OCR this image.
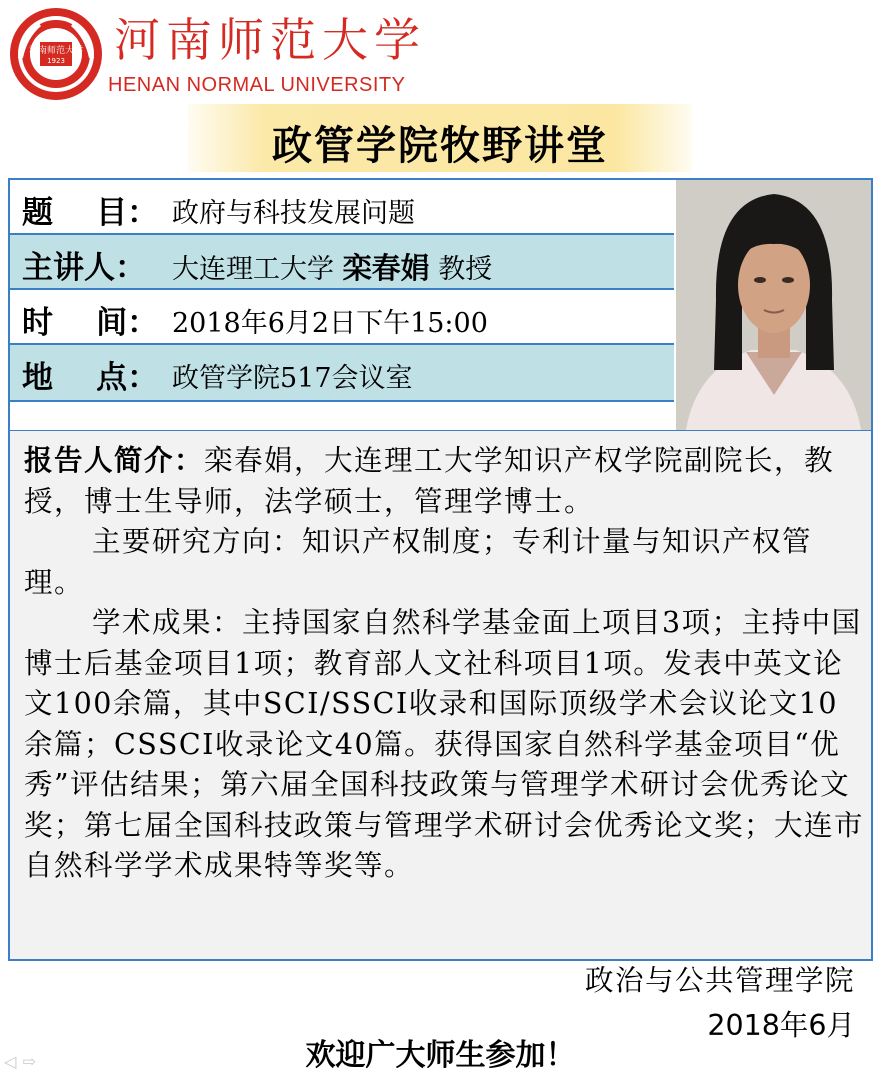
河南师范大学
1923 河南师范大学
HENAN NORMAL UNIVERSITY
政管学院牧野讲堂
题    目： 政府与科技发展问题
主讲人： 大连理工大学 栾春娟 教授
时    间： 2018年6月2日下午15:00
地    点： 政管学院517会议室

报告人简介：栾春娟，大连理工大学知识产权学院副院长，教授，博士生导师，法学硕士，管理学博士。

主要研究方向：知识产权制度；专利计量与知识产权管理。

学术成果：主持国家自然科学基金面上项目3项；主持中国博士后基金项目1项；教育部人文社科项目1项。发表中英文论文100余篇，其中SCI/SSCI收录和国际顶级学术会议论文10余篇；CSSCI收录论文40篇。获得国家自然科学基金项目“优秀”评估结果；第六届全国科技政策与管理学术研讨会优秀论文奖；第七届全国科技政策与管理学术研讨会优秀论文奖；大连市自然科学学术成果特等奖等。

政治与公共管理学院
2018年6月
欢迎广大师生参加！
◁⇨
